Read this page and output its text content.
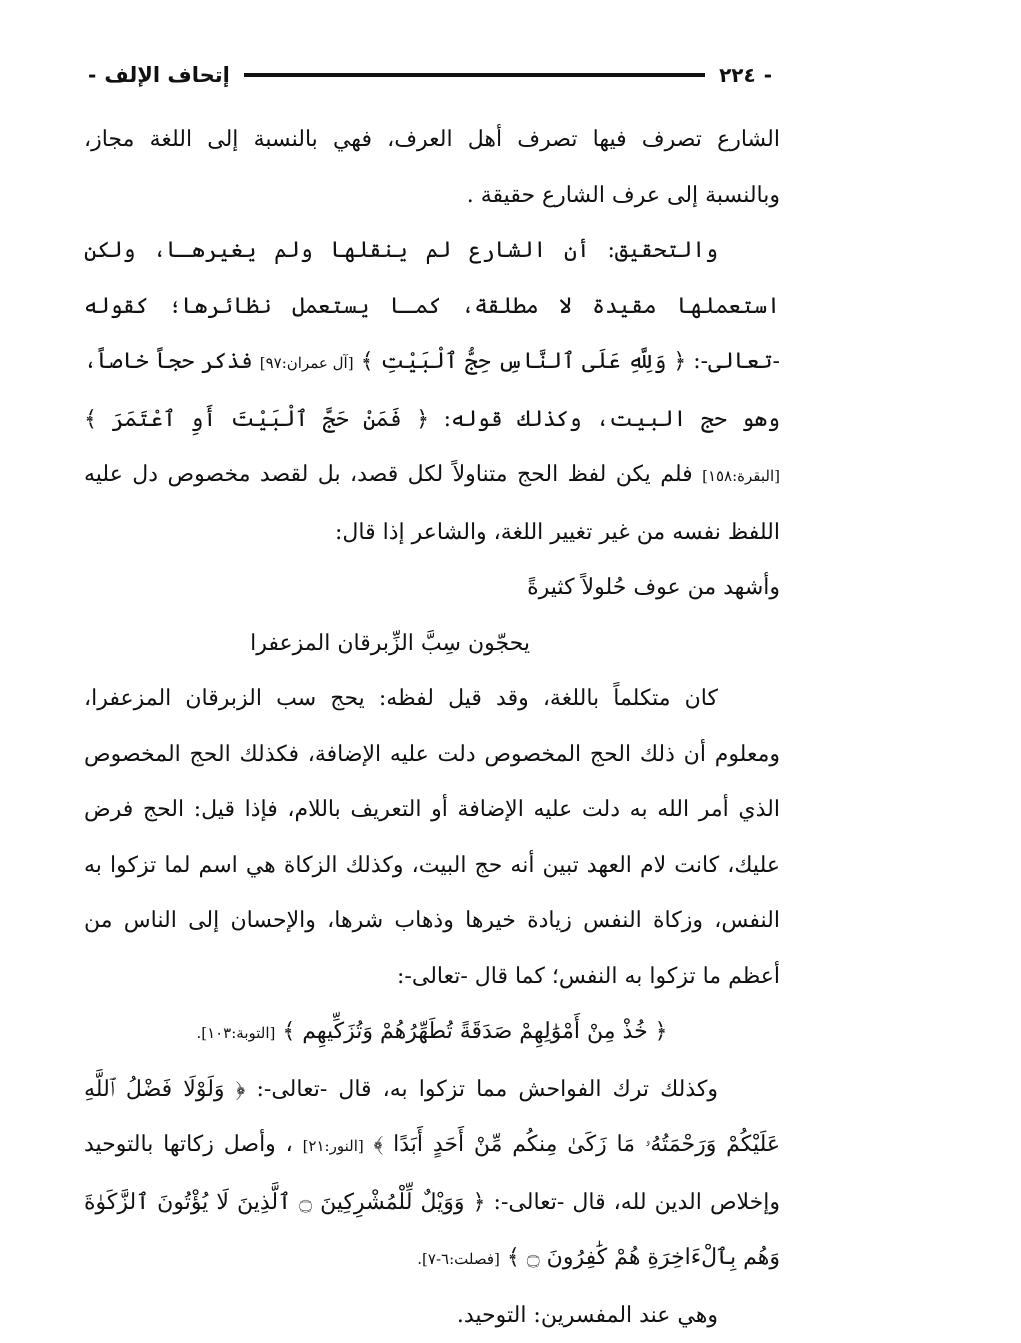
-
٢٢٤
إتحاف الإلف
-

الشارع تصرف فيها تصرف أهل العرف، فهي بالنسبة إلى اللغة مجاز، وبالنسبة إلى عرف الشارع حقيقة .

والتحقيق: أن الشارع لم ينقلها ولم يغيرهـا، ولكن استعملها مقيدة لا مطلقة، كمـا يستعمل نظائرها؛ كقوله -تعالى-: ﴿ وَلِلَّهِ عَلَى ٱلنَّاسِ حِجُّ ٱلْبَيْتِ ﴾ [آل عمران:٩٧] فذكر حجاً خاصاً، وهو حج البيت، وكذلك قوله: ﴿ فَمَنْ حَجَّ ٱلْبَيْتَ أَوِ ٱعْتَمَرَ ﴾ [البقرة:١٥٨] فلم يكن لفظ الحج متناولاً لكل قصد، بل لقصد مخصوص دل عليه اللفظ نفسه من غير تغيير اللغة، والشاعر إذا قال:

وأشهد من عوف حُلولاً كثيرةً
يحجّون سِبَّ الزِّبرقان المزعفرا

كان متكلماً باللغة، وقد قيل لفظه: يحج سب الزبرقان المزعفرا، ومعلوم أن ذلك الحج المخصوص دلت عليه الإضافة، فكذلك الحج المخصوص الذي أمر الله به دلت عليه الإضافة أو التعريف باللام، فإذا قيل: الحج فرض عليك، كانت لام العهد تبين أنه حج البيت، وكذلك الزكاة هي اسم لما تزكوا به النفس، وزكاة النفس زيادة خيرها وذهاب شرها، والإحسان إلى الناس من أعظم ما تزكوا به النفس؛ كما قال -تعالى-:

﴿ خُذْ مِنْ أَمْوَٰلِهِمْ صَدَقَةً تُطَهِّرُهُمْ وَتُزَكِّيهِم ﴾ [التوبة:١٠٣].

وكذلك ترك الفواحش مما تزكوا به، قال -تعالى-: ﴿ وَلَوْلَا فَضْلُ ٱللَّهِ عَلَيْكُمْ وَرَحْمَتُهُۥ مَا زَكَىٰ مِنكُم مِّنْ أَحَدٍ أَبَدًا ﴾ [النور:٢١] ، وأصل زكاتها بالتوحيد وإخلاص الدين لله، قال -تعالى-: ﴿ وَوَيْلٌ لِّلْمُشْرِكِينَ ۝ ٱلَّذِينَ لَا يُؤْتُونَ ٱلزَّكَوٰةَ وَهُم بِٱلْءَاخِرَةِ هُمْ كَٰفِرُونَ ۝ ﴾ [فصلت:٦-٧].

وهي عند المفسرين: التوحيد.
